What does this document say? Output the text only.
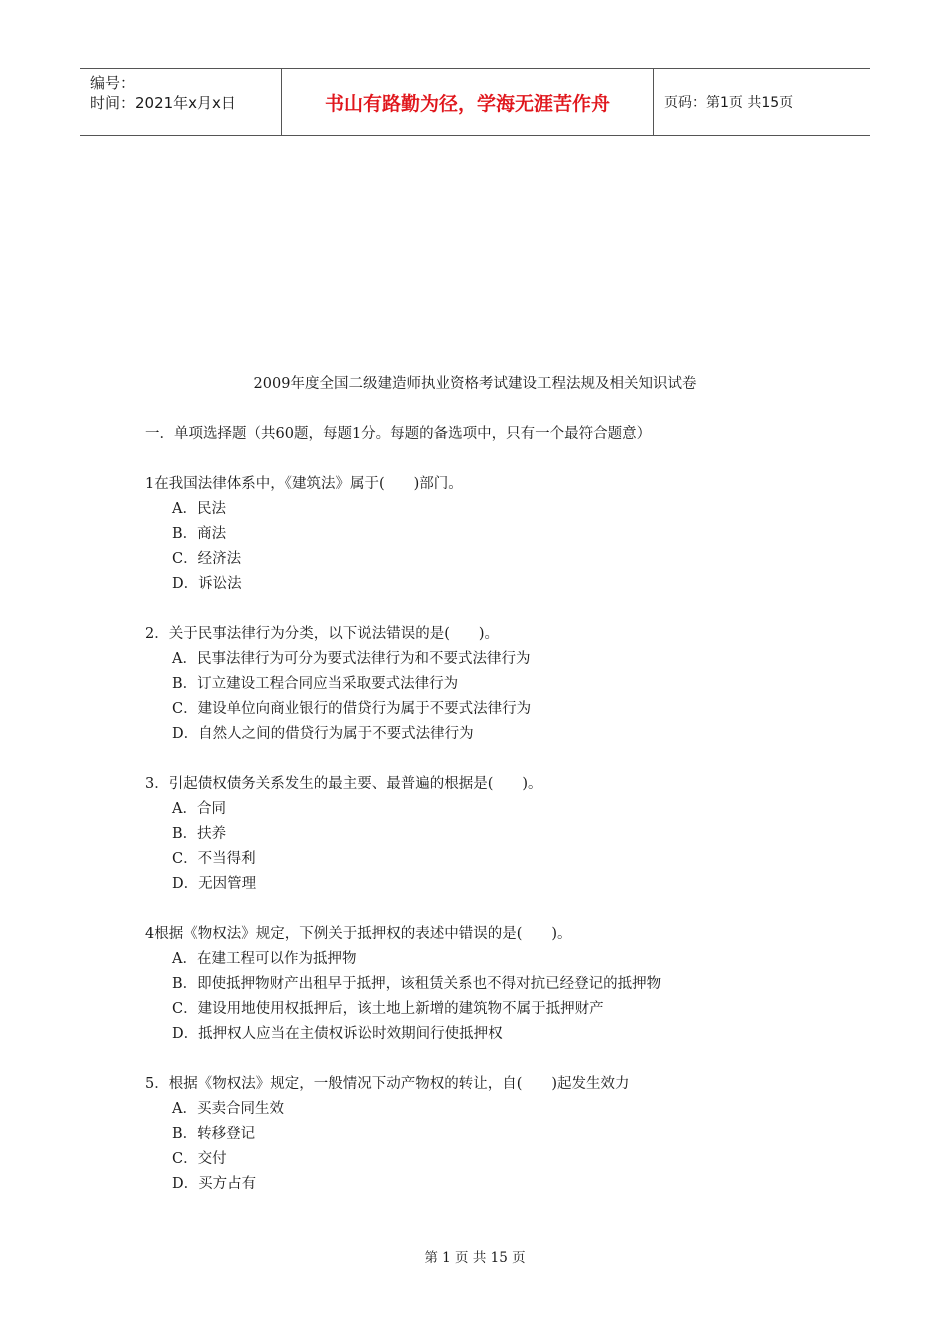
编号：
时间：2021年x月x日	书山有路勤为径，学海无涯苦作舟	页码：第1页 共15页
2009年度全国二级建造师执业资格考试建设工程法规及相关知识试卷
一．单项选择题（共60题，每题1分。每题的备选项中，只有一个最符合题意）
1在我国法律体系中，《建筑法》属于(　　)部门。
A．民法
B．商法
C．经济法
D．诉讼法
2．关于民事法律行为分类，以下说法错误的是(　　)。
A．民事法律行为可分为要式法律行为和不要式法律行为
B．订立建设工程合同应当采取要式法律行为
C．建设单位向商业银行的借贷行为属于不要式法律行为
D．自然人之间的借贷行为属于不要式法律行为
3．引起债权债务关系发生的最主要、最普遍的根据是(　　)。
A．合同
B．扶养
C．不当得利
D．无因管理
4根据《物权法》规定，下例关于抵押权的表述中错误的是(　　)。
A．在建工程可以作为抵押物
B．即使抵押物财产出租早于抵押，该租赁关系也不得对抗已经登记的抵押物
C．建设用地使用权抵押后，该土地上新增的建筑物不属于抵押财产
D．抵押权人应当在主债权诉讼时效期间行使抵押权
5．根据《物权法》规定，一般情况下动产物权的转让，自(　　)起发生效力
A．买卖合同生效
B．转移登记
C．交付
D．买方占有
第 1 页 共 15 页
